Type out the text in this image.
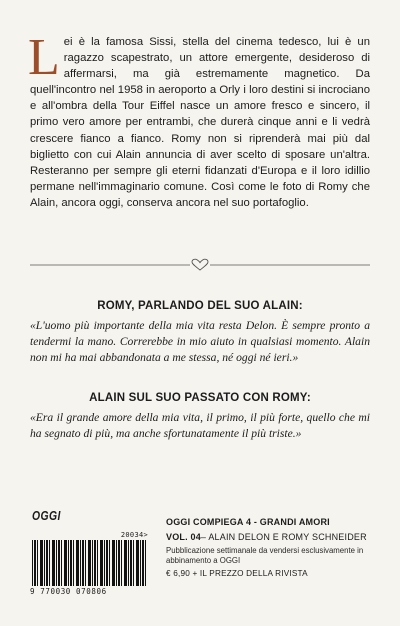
Lei è la famosa Sissi, stella del cinema tedesco, lui è un ragazzo scapestrato, un attore emergente, desideroso di affermarsi, ma già estremamente magnetico. Da quell'incontro nel 1958 in aeroporto a Orly i loro destini si incrociano e all'ombra della Tour Eiffel nasce un amore fresco e sincero, il primo vero amore per entrambi, che durerà cinque anni e li vedrà crescere fianco a fianco. Romy non si riprenderà mai più dal biglietto con cui Alain annuncia di aver scelto di sposare un'altra. Resteranno per sempre gli eterni fidanzati d'Europa e il loro idillio permane nell'immaginario comune. Così come le foto di Romy che Alain, ancora oggi, conserva ancora nel suo portafoglio.

ROMY, PARLANDO DEL SUO ALAIN:

«L'uomo più importante della mia vita resta Delon. È sempre pronto a tendermi la mano. Correrebbe in mio aiuto in qualsiasi momento. Alain non mi ha mai abbandonata a me stessa, né oggi né ieri.»

ALAIN SUL SUO PASSATO CON ROMY:

«Era il grande amore della mia vita, il primo, il più forte, quello che mi ha segnato di più, ma anche sfortunatamente il più triste.»

OGGI
20034>
9 770030 070806

OGGI COMPIEGA 4 - GRANDI AMORI

VOL. 04– ALAIN DELON E ROMY SCHNEIDER

Pubblicazione settimanale da vendersi esclusivamente in abbinamento a OGGI

€ 6,90 + IL PREZZO DELLA RIVISTA
